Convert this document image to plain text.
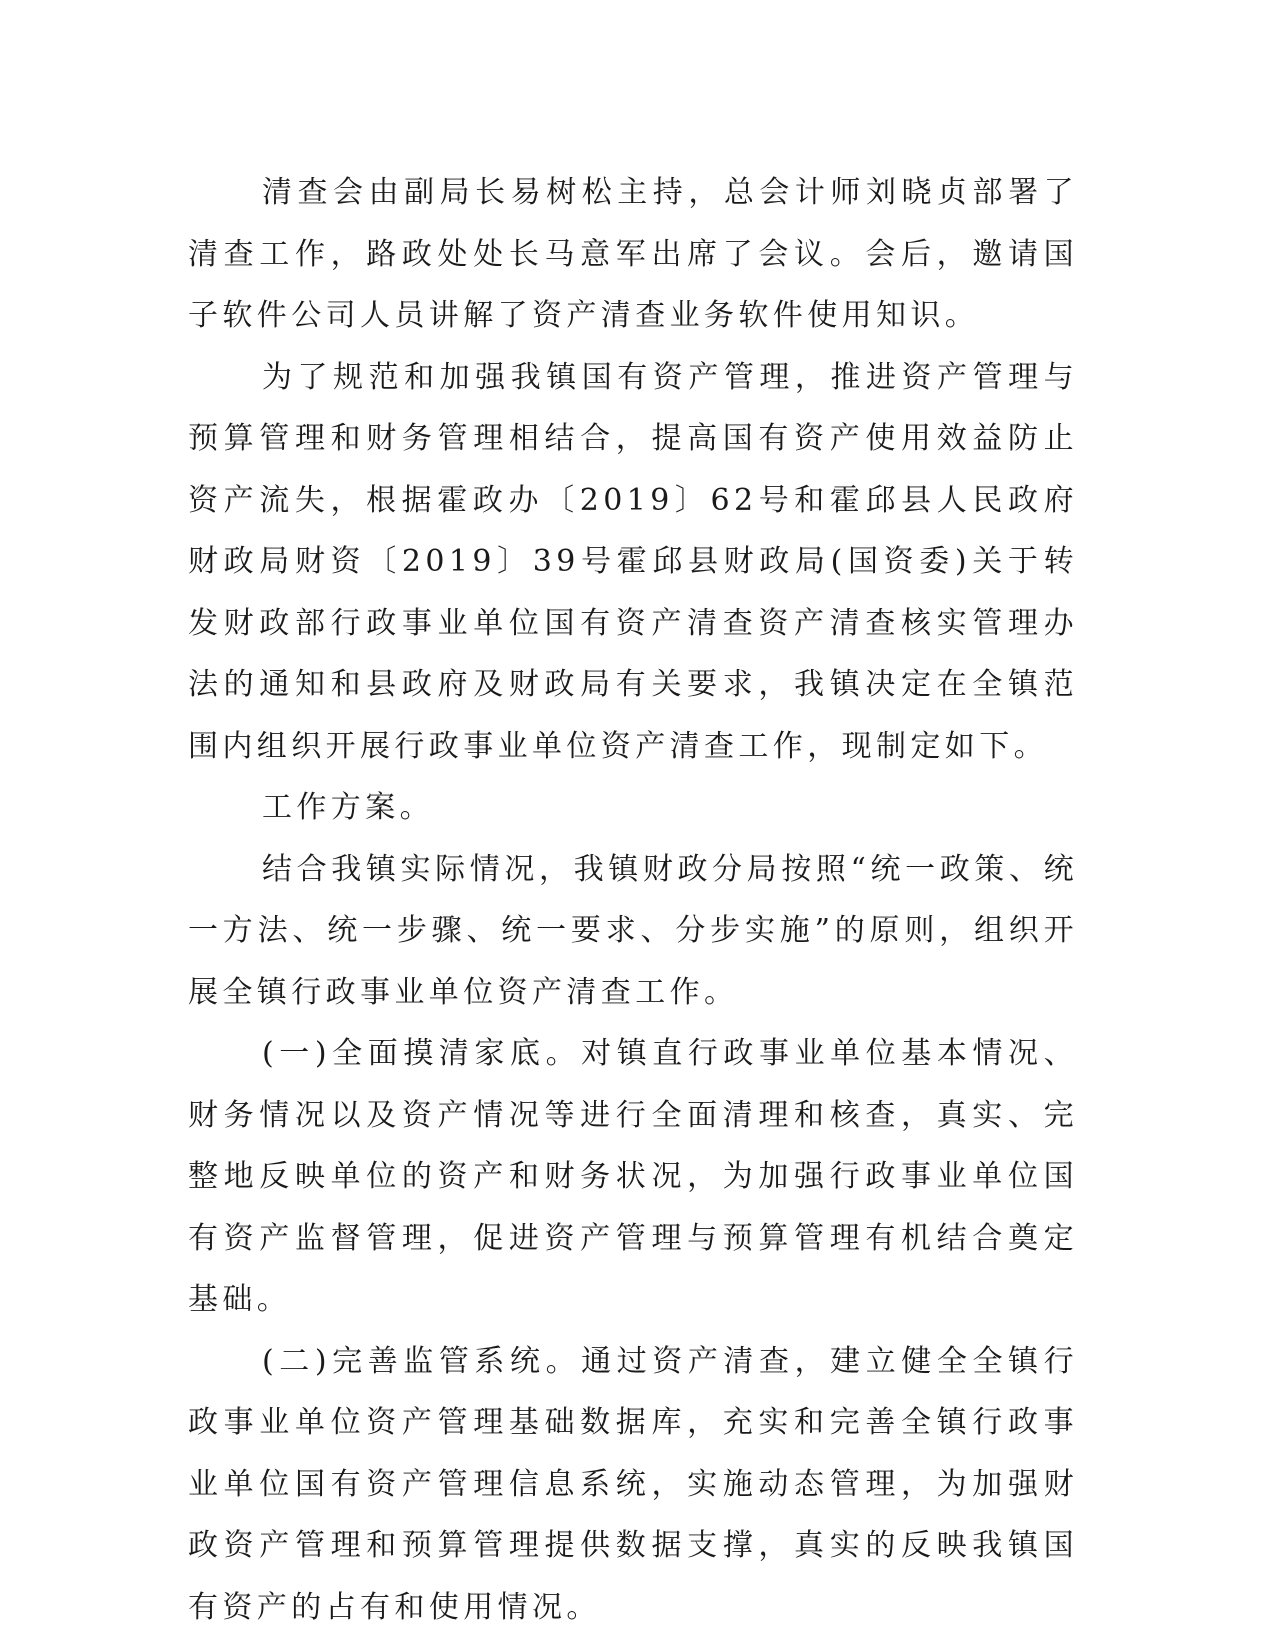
清查会由副局长易树松主持，总会计师刘晓贞部署了清查工作，路政处处长马意军出席了会议。会后，邀请国子软件公司人员讲解了资产清查业务软件使用知识。

为了规范和加强我镇国有资产管理，推进资产管理与预算管理和财务管理相结合，提高国有资产使用效益防止资产流失，根据霍政办〔2019〕62号和霍邱县人民政府财政局财资〔2019〕39号霍邱县财政局(国资委)关于转发财政部行政事业单位国有资产清查资产清查核实管理办法的通知和县政府及财政局有关要求，我镇决定在全镇范围内组织开展行政事业单位资产清查工作，现制定如下。

工作方案。

结合我镇实际情况，我镇财政分局按照“统一政策、统一方法、统一步骤、统一要求、分步实施”的原则，组织开展全镇行政事业单位资产清查工作。

(一)全面摸清家底。对镇直行政事业单位基本情况、财务情况以及资产情况等进行全面清理和核查，真实、完整地反映单位的资产和财务状况，为加强行政事业单位国有资产监督管理，促进资产管理与预算管理有机结合奠定基础。

(二)完善监管系统。通过资产清查，建立健全全镇行政事业单位资产管理基础数据库，充实和完善全镇行政事业单位国有资产管理信息系统，实施动态管理，为加强财政资产管理和预算管理提供数据支撑，真实的反映我镇国有资产的占有和使用情况。
